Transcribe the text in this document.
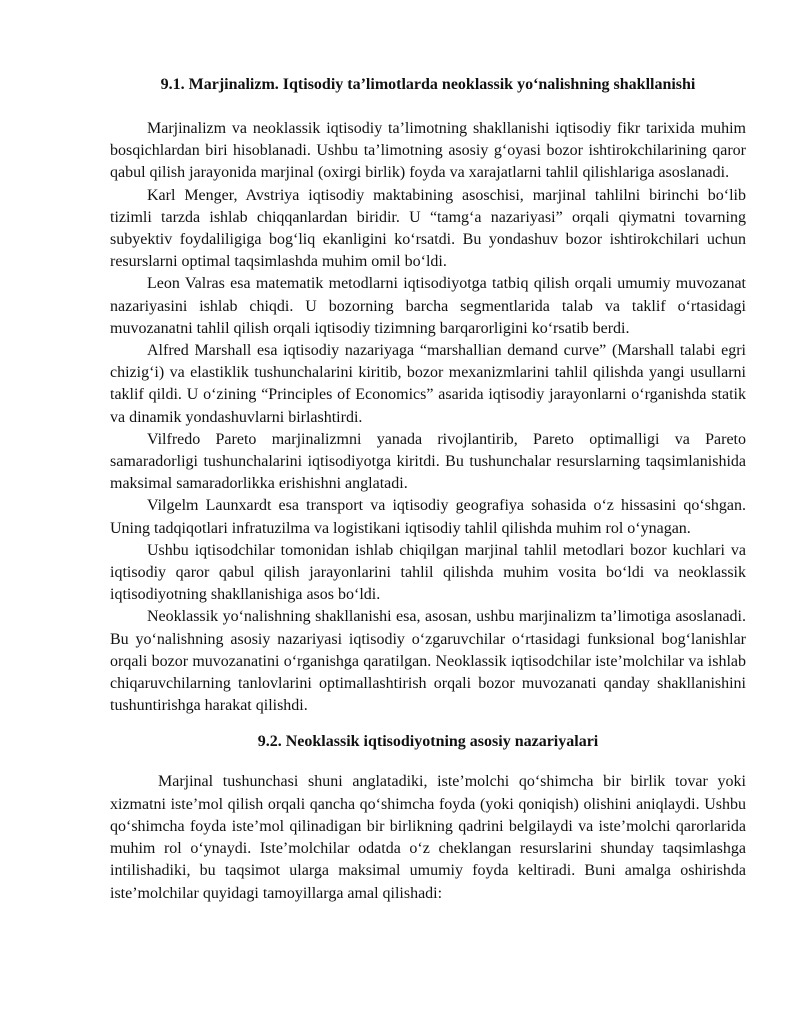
9.1. Marjinalizm. Iqtisodiy ta’limotlarda neoklassik yo‘nalishning shakllanishi

Marjinalizm va neoklassik iqtisodiy ta’limotning shakllanishi iqtisodiy fikr tarixida muhim bosqichlardan biri hisoblanadi. Ushbu ta’limotning asosiy g‘oyasi bozor ishtirokchilarining qaror qabul qilish jarayonida marjinal (oxirgi birlik) foyda va xarajatlarni tahlil qilishlariga asoslanadi.

Karl Menger, Avstriya iqtisodiy maktabining asoschisi, marjinal tahlilni birinchi bo‘lib tizimli tarzda ishlab chiqqanlardan biridir. U “tamg‘a nazariyasi” orqali qiymatni tovarning subyektiv foydaliligiga bog‘liq ekanligini ko‘rsatdi. Bu yondashuv bozor ishtirokchilari uchun resurslarni optimal taqsimlashda muhim omil bo‘ldi.

Leon Valras esa matematik metodlarni iqtisodiyotga tatbiq qilish orqali umumiy muvozanat nazariyasini ishlab chiqdi. U bozorning barcha segmentlarida talab va taklif o‘rtasidagi muvozanatni tahlil qilish orqali iqtisodiy tizimning barqarorligini ko‘rsatib berdi.

Alfred Marshall esa iqtisodiy nazariyaga “marshallian demand curve” (Marshall talabi egri chizig‘i) va elastiklik tushunchalarini kiritib, bozor mexanizmlarini tahlil qilishda yangi usullarni taklif qildi. U o‘zining “Principles of Economics” asarida iqtisodiy jarayonlarni o‘rganishda statik va dinamik yondashuvlarni birlashtirdi.

Vilfredo Pareto marjinalizmni yanada rivojlantirib, Pareto optimalligi va Pareto samaradorligi tushunchalarini iqtisodiyotga kiritdi. Bu tushunchalar resurslarning taqsimlanishida maksimal samaradorlikka erishishni anglatadi.

Vilgelm Launxardt esa transport va iqtisodiy geografiya sohasida o‘z hissasini qo‘shgan. Uning tadqiqotlari infratuzilma va logistikani iqtisodiy tahlil qilishda muhim rol o‘ynagan.

Ushbu iqtisodchilar tomonidan ishlab chiqilgan marjinal tahlil metodlari bozor kuchlari va iqtisodiy qaror qabul qilish jarayonlarini tahlil qilishda muhim vosita bo‘ldi va neoklassik iqtisodiyotning shakllanishiga asos bo‘ldi.

Neoklassik yo‘nalishning shakllanishi esa, asosan, ushbu marjinalizm ta’limotiga asoslanadi. Bu yo‘nalishning asosiy nazariyasi iqtisodiy o‘zgaruvchilar o‘rtasidagi funksional bog‘lanishlar orqali bozor muvozanatini o‘rganishga qaratilgan. Neoklassik iqtisodchilar iste’molchilar va ishlab chiqaruvchilarning tanlovlarini optimallashtirish orqali bozor muvozanati qanday shakllanishini tushuntirishga harakat qilishdi.

9.2. Neoklassik iqtisodiyotning asosiy nazariyalari

Marjinal tushunchasi shuni anglatadiki, iste’molchi qo‘shimcha bir birlik tovar yoki xizmatni iste’mol qilish orqali qancha qo‘shimcha foyda (yoki qoniqish) olishini aniqlaydi. Ushbu qo‘shimcha foyda iste’mol qilinadigan bir birlikning qadrini belgilaydi va iste’molchi qarorlarida muhim rol o‘ynaydi. Iste’molchilar odatda o‘z cheklangan resurslarini shunday taqsimlashga intilishadiki, bu taqsimot ularga maksimal umumiy foyda keltiradi. Buni amalga oshirishda iste’molchilar quyidagi tamoyillarga amal qilishadi:
